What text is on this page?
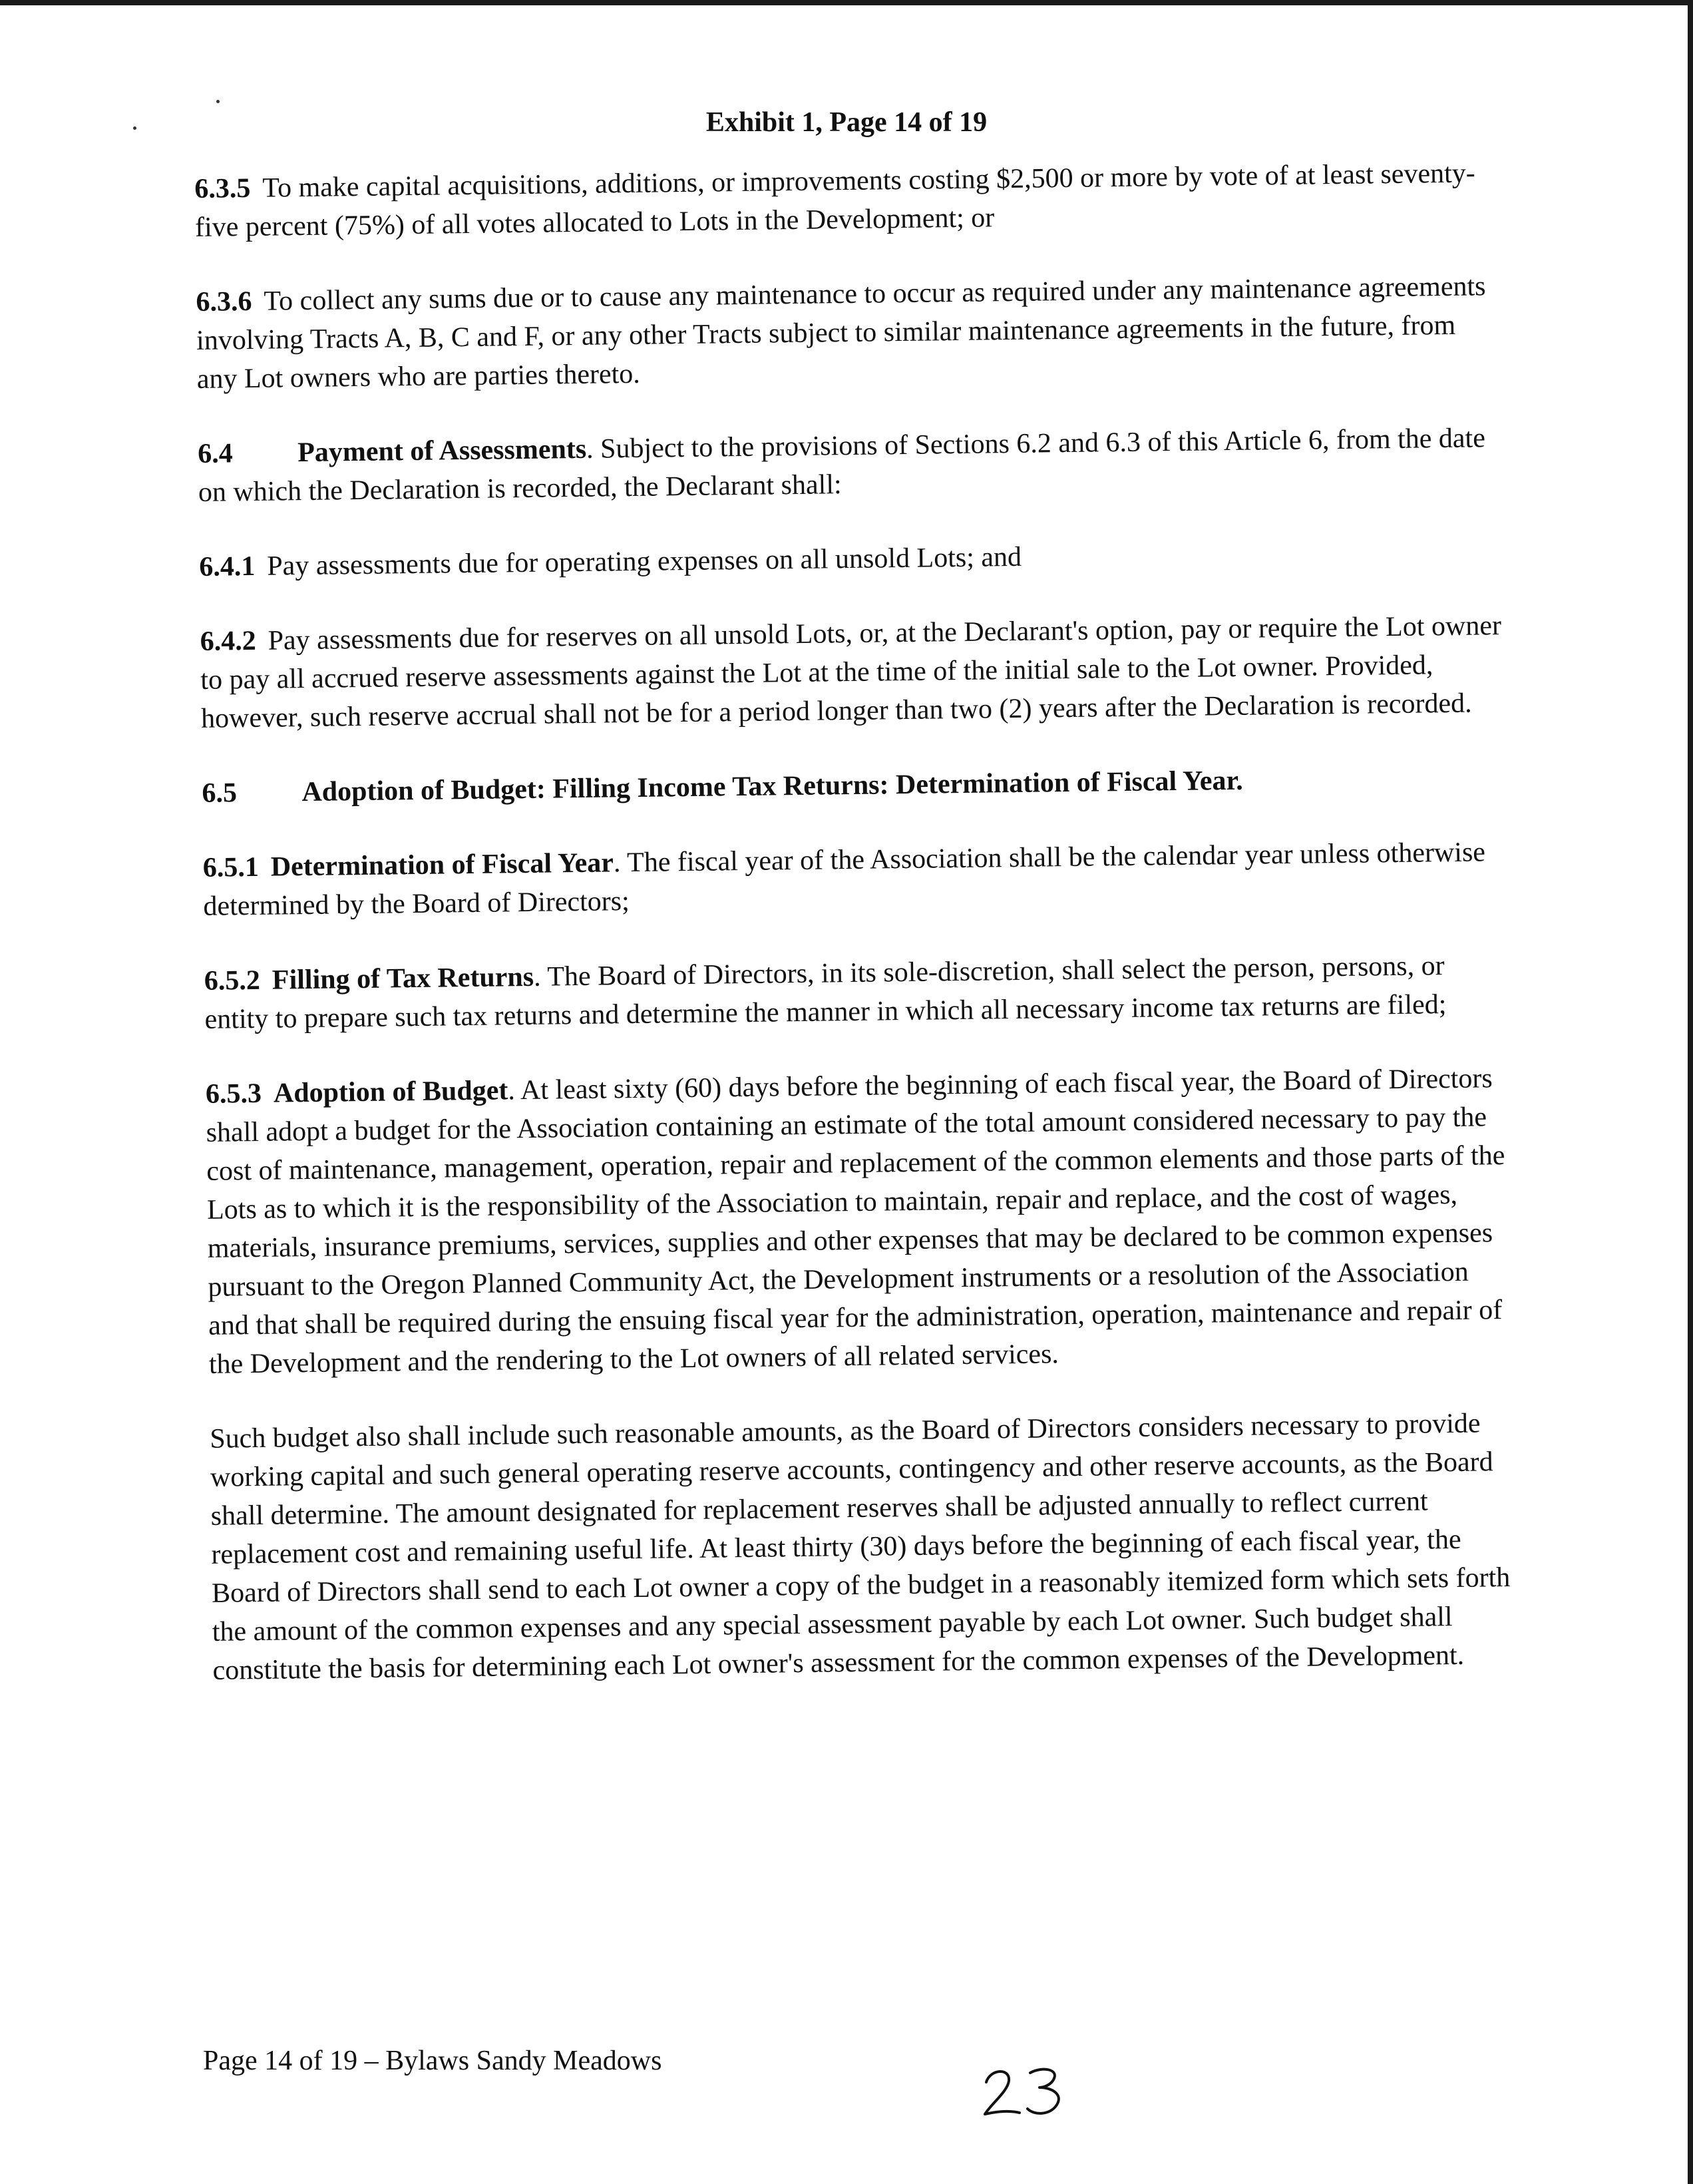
Exhibit 1, Page 14 of 19

6.3.5 To make capital acquisitions, additions, or improvements costing $2,500 or more by vote of at least seventy-five percent (75%) of all votes allocated to Lots in the Development; or

6.3.6 To collect any sums due or to cause any maintenance to occur as required under any maintenance agreements involving Tracts A, B, C and F, or any other Tracts subject to similar maintenance agreements in the future, from any Lot owners who are parties thereto.

6.4 Payment of Assessments. Subject to the provisions of Sections 6.2 and 6.3 of this Article 6, from the date on which the Declaration is recorded, the Declarant shall:

6.4.1 Pay assessments due for operating expenses on all unsold Lots; and

6.4.2 Pay assessments due for reserves on all unsold Lots, or, at the Declarant's option, pay or require the Lot owner to pay all accrued reserve assessments against the Lot at the time of the initial sale to the Lot owner. Provided, however, such reserve accrual shall not be for a period longer than two (2) years after the Declaration is recorded.

6.5 Adoption of Budget: Filling Income Tax Returns: Determination of Fiscal Year.

6.5.1 Determination of Fiscal Year. The fiscal year of the Association shall be the calendar year unless otherwise determined by the Board of Directors;

6.5.2 Filling of Tax Returns. The Board of Directors, in its sole-discretion, shall select the person, persons, or entity to prepare such tax returns and determine the manner in which all necessary income tax returns are filed;

6.5.3 Adoption of Budget. At least sixty (60) days before the beginning of each fiscal year, the Board of Directors shall adopt a budget for the Association containing an estimate of the total amount considered necessary to pay the cost of maintenance, management, operation, repair and replacement of the common elements and those parts of the Lots as to which it is the responsibility of the Association to maintain, repair and replace, and the cost of wages, materials, insurance premiums, services, supplies and other expenses that may be declared to be common expenses pursuant to the Oregon Planned Community Act, the Development instruments or a resolution of the Association and that shall be required during the ensuing fiscal year for the administration, operation, maintenance and repair of the Development and the rendering to the Lot owners of all related services.

Such budget also shall include such reasonable amounts, as the Board of Directors considers necessary to provide working capital and such general operating reserve accounts, contingency and other reserve accounts, as the Board shall determine. The amount designated for replacement reserves shall be adjusted annually to reflect current replacement cost and remaining useful life. At least thirty (30) days before the beginning of each fiscal year, the Board of Directors shall send to each Lot owner a copy of the budget in a reasonably itemized form which sets forth the amount of the common expenses and any special assessment payable by each Lot owner. Such budget shall constitute the basis for determining each Lot owner's assessment for the common expenses of the Development.

Page 14 of 19 – Bylaws Sandy Meadows
